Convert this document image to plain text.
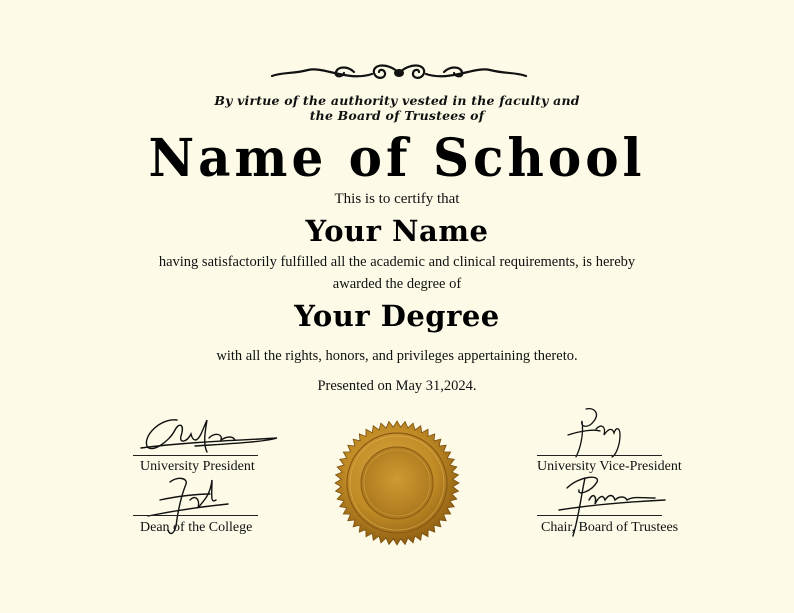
By virtue of the authority vested in the faculty and the Board of Trustees of
Name of School
This is to certify that
Your Name
having satisfactorily fulfilled all the academic and clinical requirements, is hereby
awarded the degree of
Your Degree
with all the rights, honors, and privileges appertaining thereto.
Presented on May 31,2024.
University President
Dean of the College
University Vice-President
Chair, Board of Trustees
